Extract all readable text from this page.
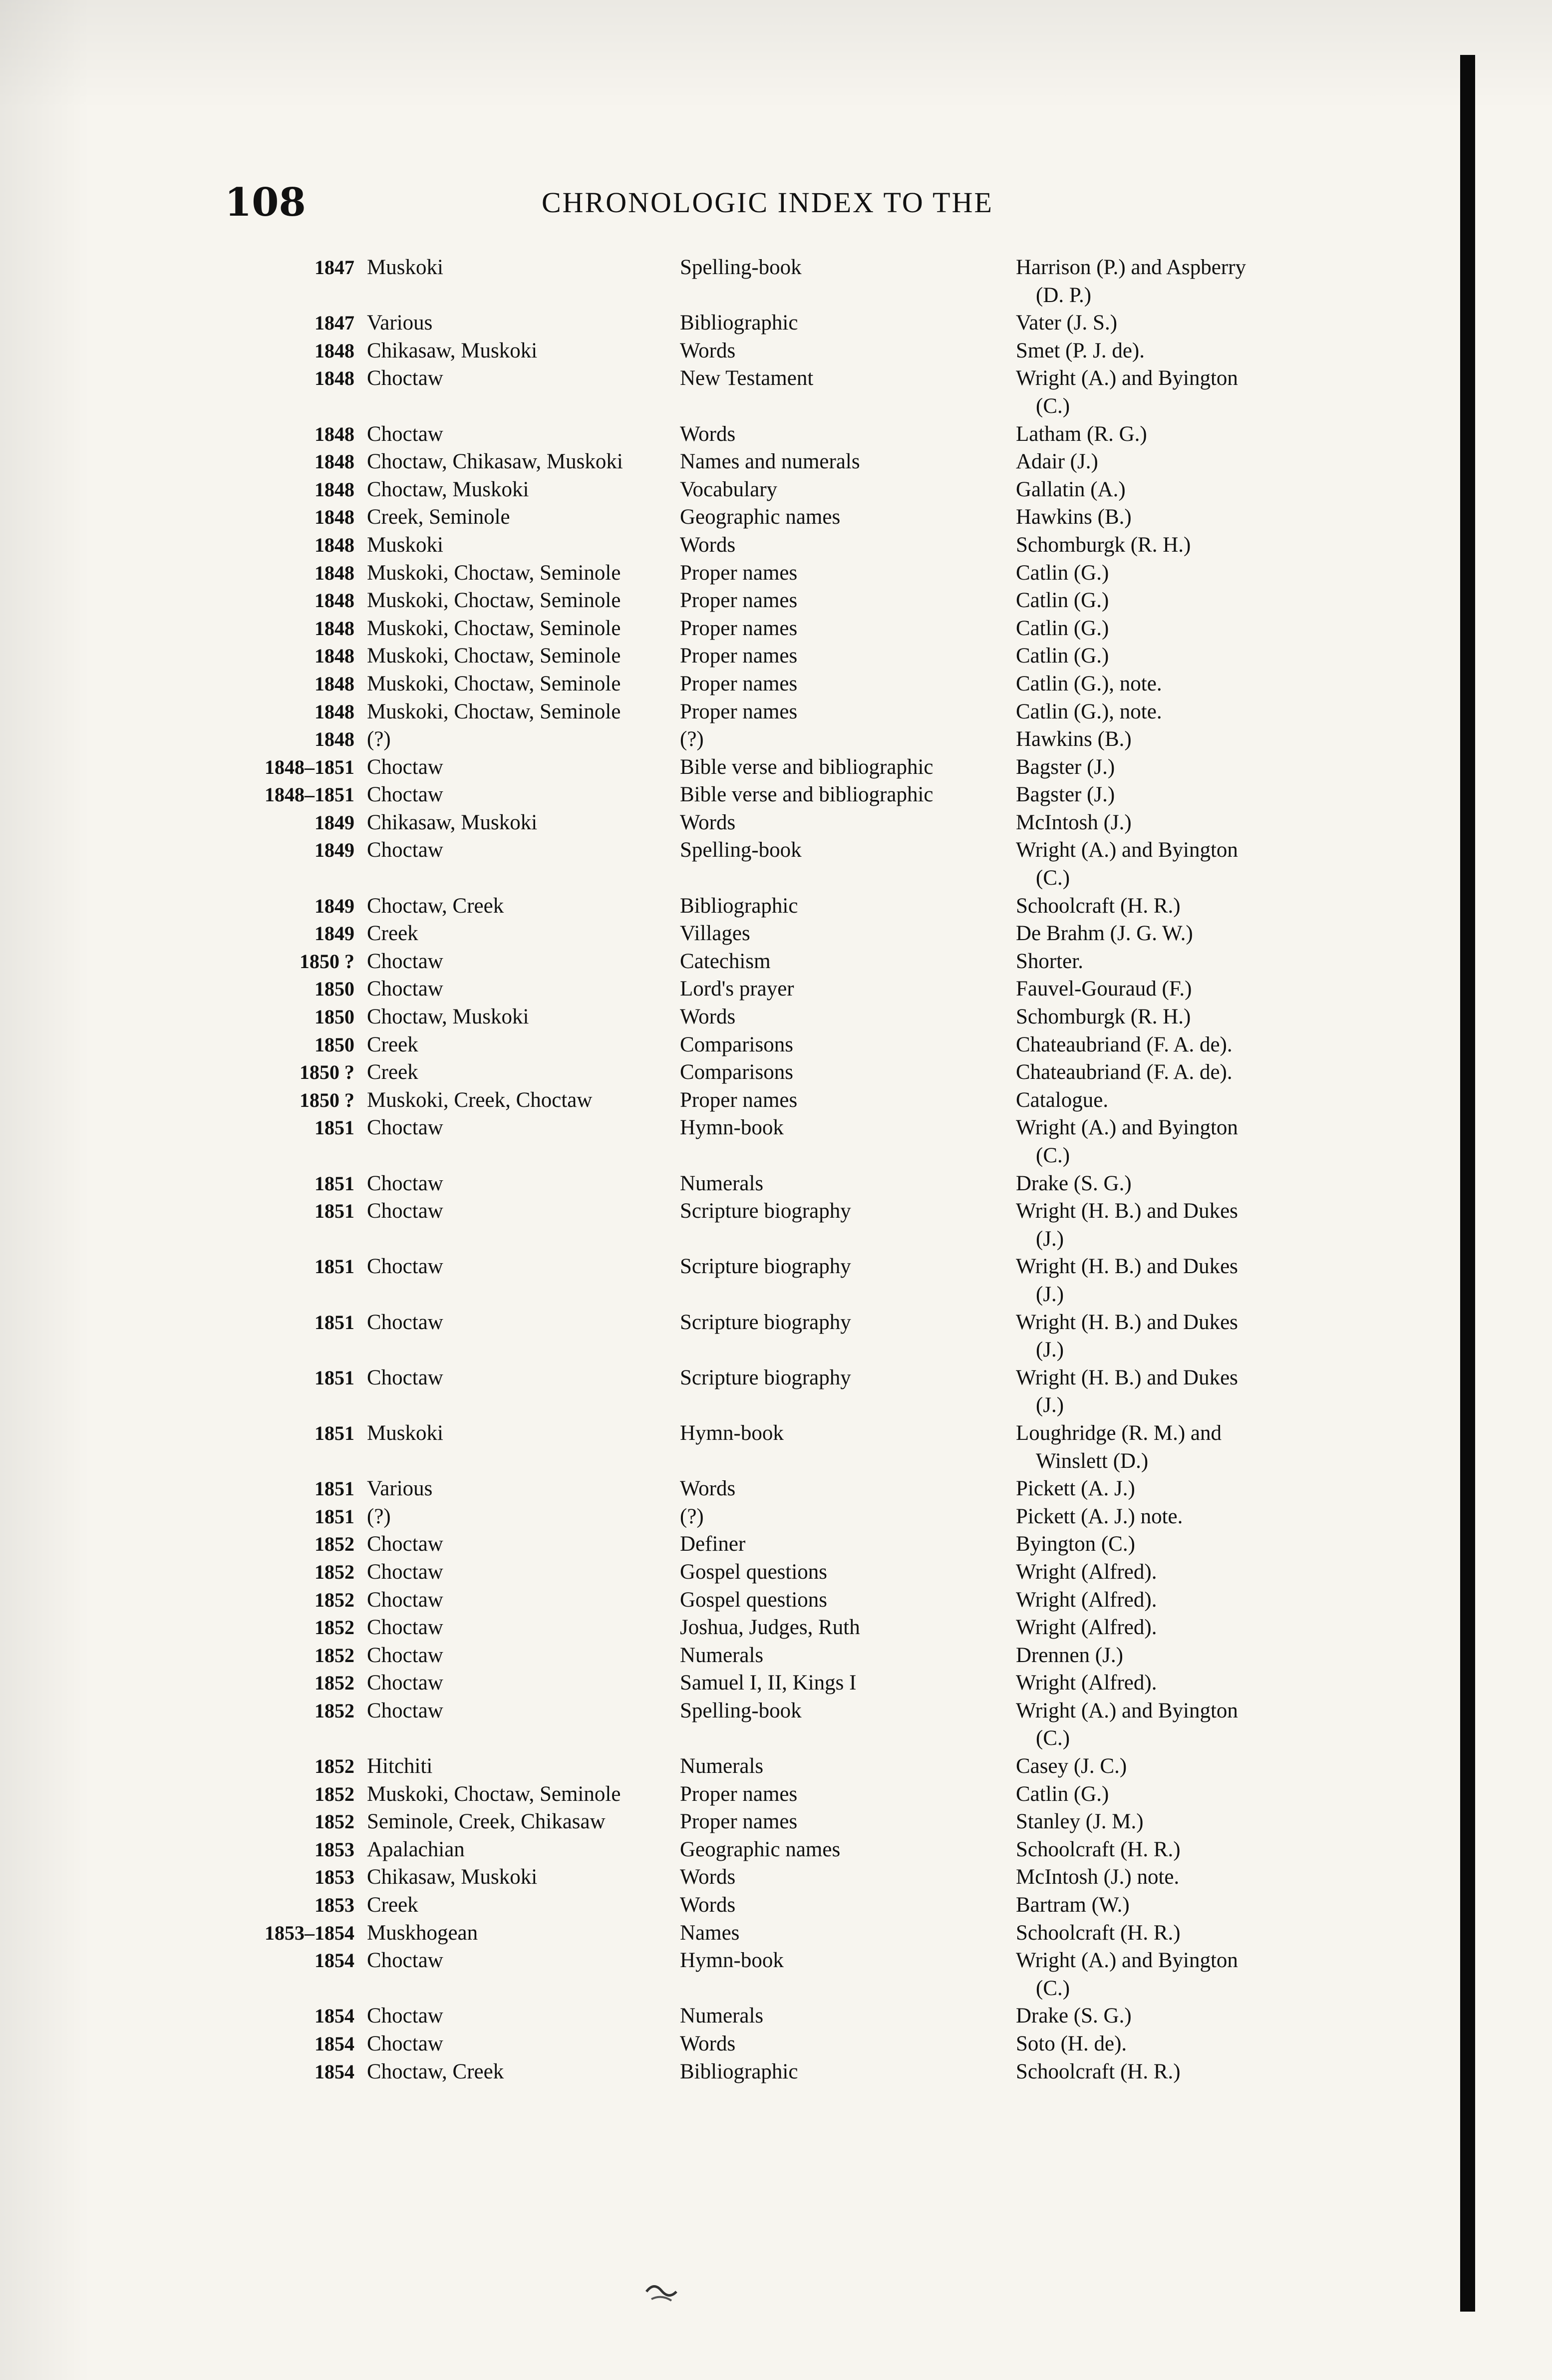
108	CHRONOLOGIC INDEX TO THE
1847 Muskoki	Spelling-book	Harrison (P.) and Aspberry
(D. P.)
1847 Various	Bibliographic	Vater (J. S.)
1848 Chikasaw, Muskoki	Words	Smet (P. J. de).
1848 Choctaw	New Testament	Wright (A.) and Byington
(C.)
1848 Choctaw	Words	Latham (R. G.)
1848 Choctaw, Chikasaw, Muskoki	Names and numerals	Adair (J.)
1848 Choctaw, Muskoki	Vocabulary	Gallatin (A.)
1848 Creek, Seminole	Geographic names	Hawkins (B.)
1848 Muskoki	Words	Schomburgk (R. H.)
1848 Muskoki, Choctaw, Seminole	Proper names	Catlin (G.)
1848 Muskoki, Choctaw, Seminole	Proper names	Catlin (G.)
1848 Muskoki, Choctaw, Seminole	Proper names	Catlin (G.)
1848 Muskoki, Choctaw, Seminole	Proper names	Catlin (G.)
1848 Muskoki, Choctaw, Seminole	Proper names	Catlin (G.), note.
1848 Muskoki, Choctaw, Seminole	Proper names	Catlin (G.), note.
1848 (?)	(?)	Hawkins (B.)
1848–1851 Choctaw	Bible verse and bibliographic	Bagster (J.)
1848–1851 Choctaw	Bible verse and bibliographic	Bagster (J.)
1849 Chikasaw, Muskoki	Words	McIntosh (J.)
1849 Choctaw	Spelling-book	Wright (A.) and Byington
(C.)
1849 Choctaw, Creek	Bibliographic	Schoolcraft (H. R.)
1849 Creek	Villages	De Brahm (J. G. W.)
1850 ? Choctaw	Catechism	Shorter.
1850 Choctaw	Lord's prayer	Fauvel-Gouraud (F.)
1850 Choctaw, Muskoki	Words	Schomburgk (R. H.)
1850 Creek	Comparisons	Chateaubriand (F. A. de).
1850 ? Creek	Comparisons	Chateaubriand (F. A. de).
1850 ? Muskoki, Creek, Choctaw	Proper names	Catalogue.
1851 Choctaw	Hymn-book	Wright (A.) and Byington
(C.)
1851 Choctaw	Numerals	Drake (S. G.)
1851 Choctaw	Scripture biography	Wright (H. B.) and Dukes
(J.)
1851 Choctaw	Scripture biography	Wright (H. B.) and Dukes
(J.)
1851 Choctaw	Scripture biography	Wright (H. B.) and Dukes
(J.)
1851 Choctaw	Scripture biography	Wright (H. B.) and Dukes
(J.)
1851 Muskoki	Hymn-book	Loughridge (R. M.) and
Winslett (D.)
1851 Various	Words	Pickett (A. J.)
1851 (?)	(?)	Pickett (A. J.) note.
1852 Choctaw	Definer	Byington (C.)
1852 Choctaw	Gospel questions	Wright (Alfred).
1852 Choctaw	Gospel questions	Wright (Alfred).
1852 Choctaw	Joshua, Judges, Ruth	Wright (Alfred).
1852 Choctaw	Numerals	Drennen (J.)
1852 Choctaw	Samuel I, II, Kings I	Wright (Alfred).
1852 Choctaw	Spelling-book	Wright (A.) and Byington
(C.)
1852 Hitchiti	Numerals	Casey (J. C.)
1852 Muskoki, Choctaw, Seminole	Proper names	Catlin (G.)
1852 Seminole, Creek, Chikasaw	Proper names	Stanley (J. M.)
1853 Apalachian	Geographic names	Schoolcraft (H. R.)
1853 Chikasaw, Muskoki	Words	McIntosh (J.) note.
1853 Creek	Words	Bartram (W.)
1853–1854 Muskhogean	Names	Schoolcraft (H. R.)
1854 Choctaw	Hymn-book	Wright (A.) and Byington
(C.)
1854 Choctaw	Numerals	Drake (S. G.)
1854 Choctaw	Words	Soto (H. de).
1854 Choctaw, Creek	Bibliographic	Schoolcraft (H. R.)
